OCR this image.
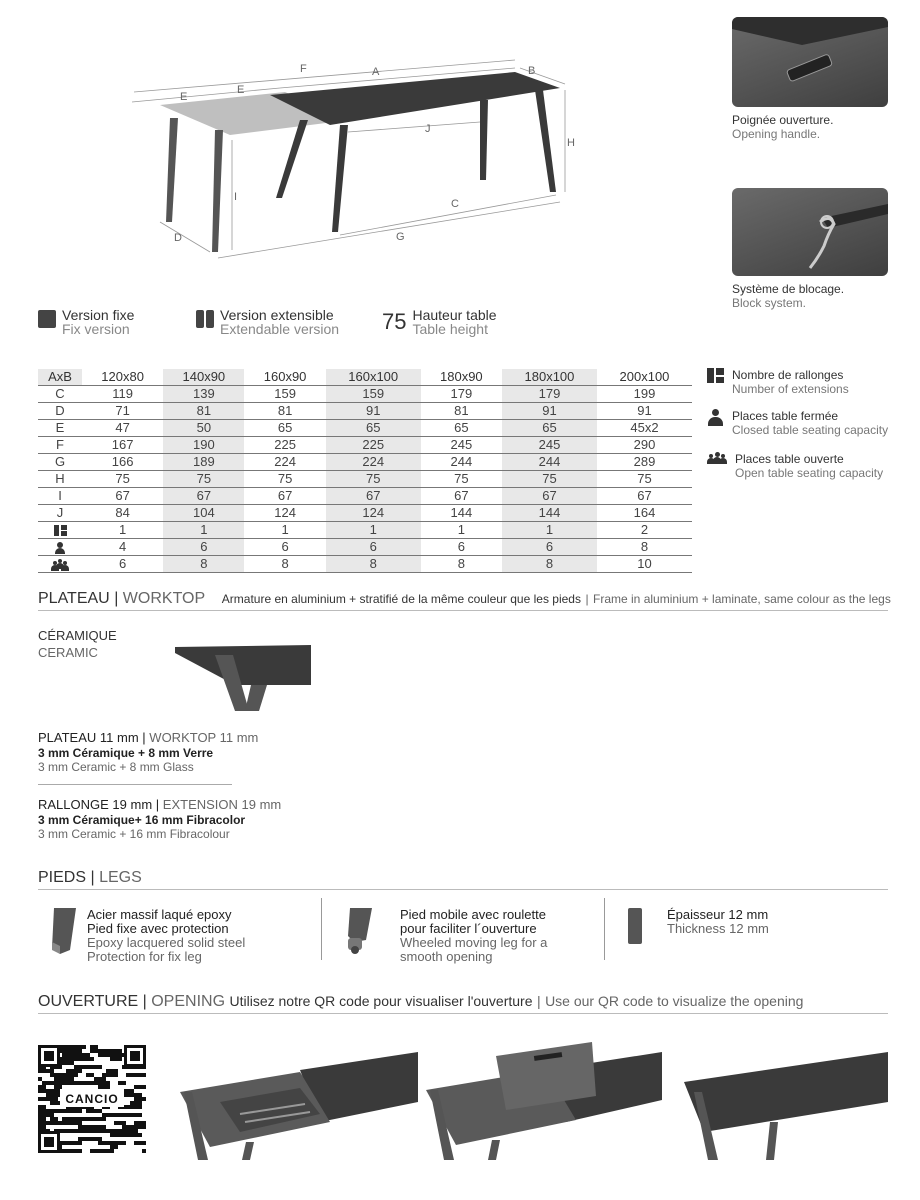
A	B
C
D
E
E
F
G
H
I
J
Poignée ouverture.
Opening handle.
Système de blocage.
Block system.
Version fixe
Fix version
Version extensible
Extendable version 75 Hauteur table
Table height
AxB	120x80	140x90	160x90	160x100	180x90	180x100	200x100
C	119	139	159	159	179	179	199
D	71	81	81	91	81	91	91
E	47	50	65	65	65	65	45x2
F	167	190	225	225	245	245	290
G	166	189	224	224	244	244	289
H	75	75	75	75	75	75	75
I	67	67	67	67	67	67	67
J	84	104	124	124	144	144	164

	1	1	1	1	1	1	2

	4	6	6	6	6	6	8

	6	8	8	8	8	8	10
Nombre de rallonges
Number of extensions
Places table fermée
Closed table seating capacity
Places table ouverte
Open table seating capacity
PLATEAU | WORKTOP Armature en aluminium + stratifié de la même couleur que les pieds | Frame in aluminium + laminate, same colour as the legs
CÉRAMIQUE
CERAMIC
PLATEAU 11 mm | WORKTOP 11 mm
3 mm Céramique + 8 mm Verre
3 mm Ceramic + 8 mm Glass
RALLONGE 19 mm | EXTENSION 19 mm
3 mm Céramique+ 16 mm Fibracolor
3 mm Ceramic + 16 mm Fibracolour
PIEDS | LEGS
Acier massif laqué epoxy
Pied fixe avec protection
Epoxy lacquered solid steel
Protection for fix leg
Pied mobile avec roulette
pour faciliter l´ouverture
Wheeled moving leg for a
smooth opening
Épaisseur 12 mm
Thickness 12 mm
OUVERTURE | OPENING Utilisez notre QR code pour visualiser l'ouverture | Use our QR code to visualize the opening
CANCIO
